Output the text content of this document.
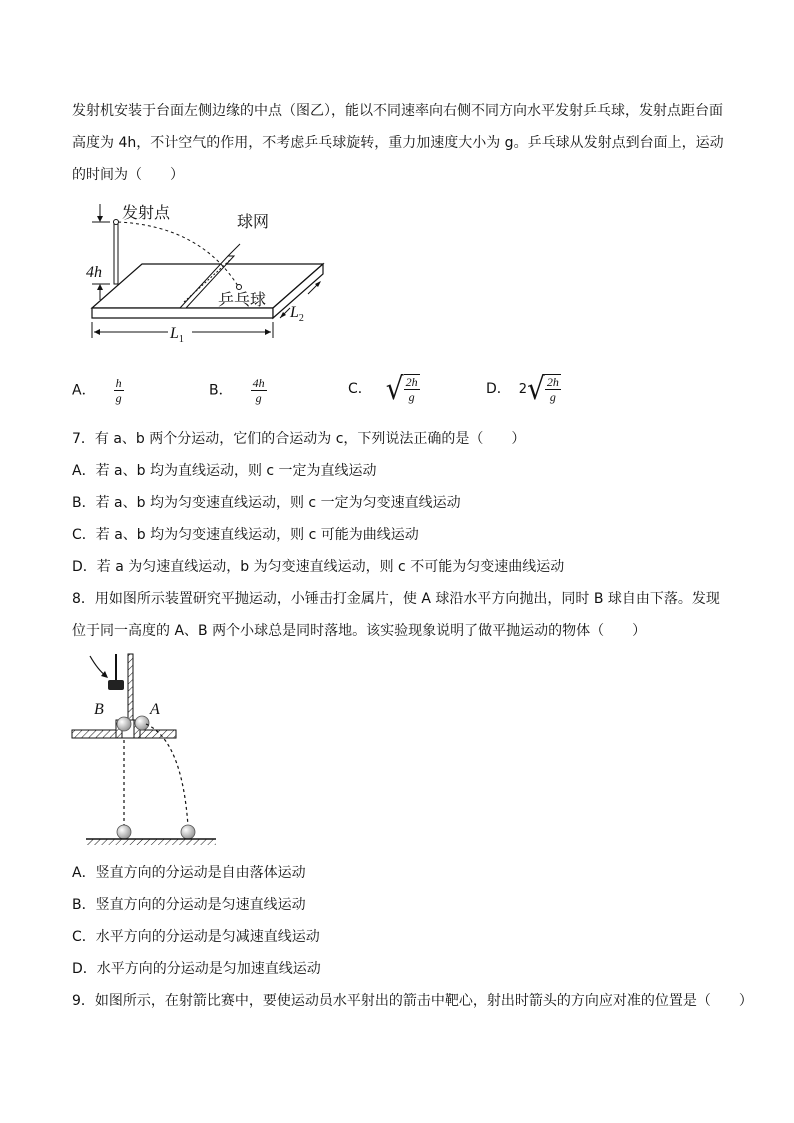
发射机安装于台面左侧边缘的中点（图乙），能以不同速率向右侧不同方向水平发射乒乓球，发射点距台面
高度为 4h，不计空气的作用，不考虑乒乓球旋转，重力加速度大小为 g。乒乓球从发射点到台面上，运动
的时间为（　　）
发射点	球网
乒乓球
4h
$L_1$
$L_2$
A． $\frac{h}{g}$	B． $\frac{4h}{g}$	C． √ $\frac{2h}{g}$	D． 2 √ $\frac{2h}{g}$
7．有 a、b 两个分运动，它们的合运动为 c，下列说法正确的是（　　）
A．若 a、b 均为直线运动，则 c 一定为直线运动
B．若 a、b 均为匀变速直线运动，则 c 一定为匀变速直线运动
C．若 a、b 均为匀变速直线运动，则 c 可能为曲线运动
D．若 a 为匀速直线运动，b 为匀变速直线运动，则 c 不可能为匀变速曲线运动
8．用如图所示装置研究平抛运动，小锤击打金属片，使 A 球沿水平方向抛出，同时 B 球自由下落。发现
位于同一高度的 A、B 两个小球总是同时落地。该实验现象说明了做平抛运动的物体（　　）
B	A
A．竖直方向的分运动是自由落体运动
B．竖直方向的分运动是匀速直线运动
C．水平方向的分运动是匀减速直线运动
D．水平方向的分运动是匀加速直线运动
9．如图所示，在射箭比赛中，要使运动员水平射出的箭击中靶心，射出时箭头的方向应对准的位置是（　　）
